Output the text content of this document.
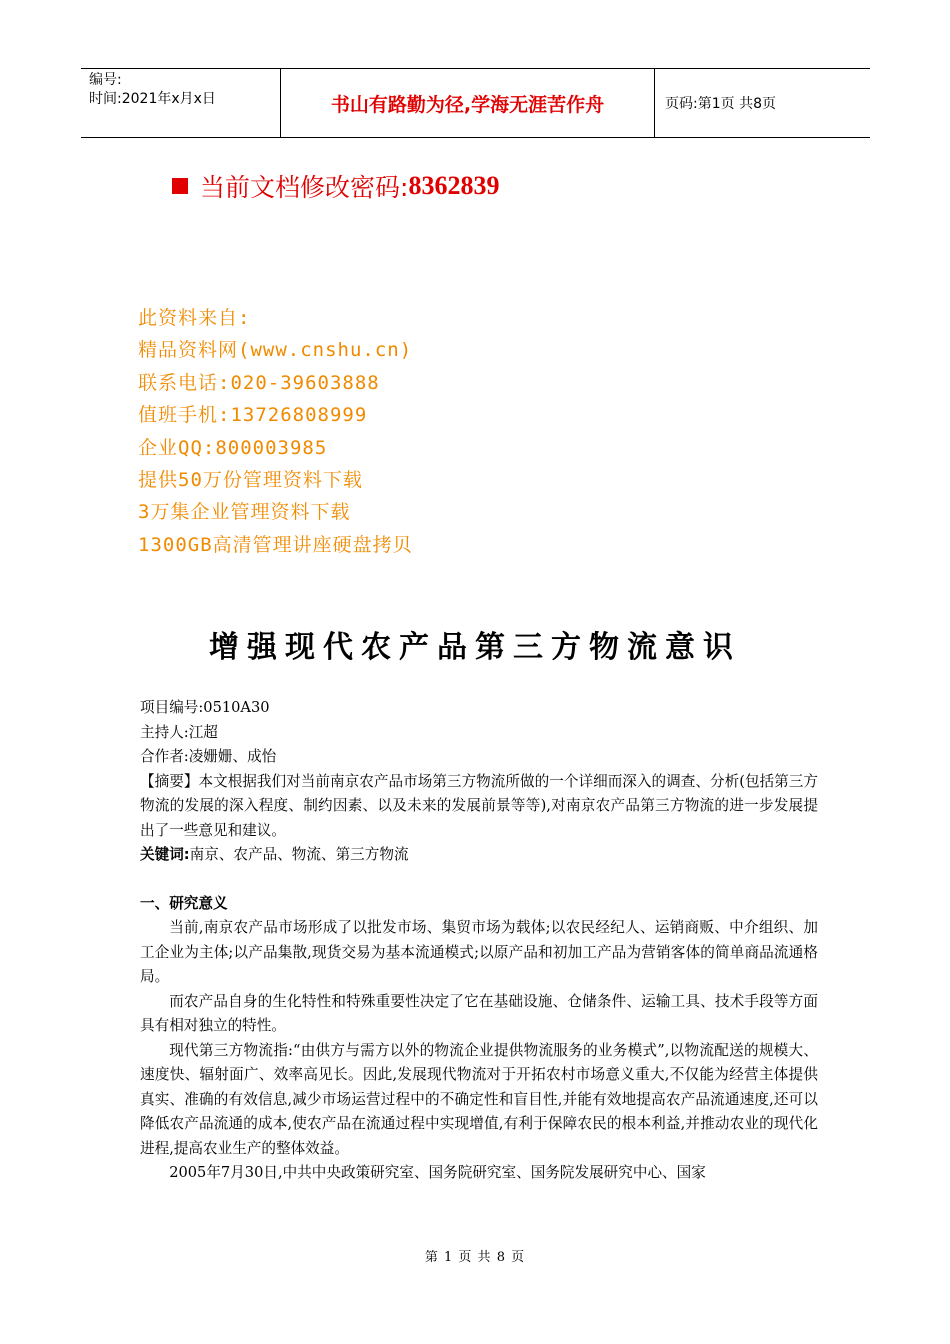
编号:
时间:2021年x月x日	书山有路勤为径,学海无涯苦作舟	页码:第1页 共8页
当前文档修改密码: 8362839
此资料来自:
精品资料网(www.cnshu.cn)
联系电话:020-39603888
值班手机:13726808999
企业QQ:800003985
提供50万份管理资料下载
3万集企业管理资料下载
1300GB高清管理讲座硬盘拷贝
增强现代农产品第三方物流意识

项目编号:0510A30

主持人:江超

合作者:凌姗姗、成怡

【摘要】本文根据我们对当前南京农产品市场第三方物流所做的一个详细而深入的调查、分析(包括第三方物流的发展的深入程度、制约因素、以及未来的发展前景等等),对南京农产品第三方物流的进一步发展提出了一些意见和建议。

关键词:南京、农产品、物流、第三方物流

一、研究意义

当前,南京农产品市场形成了以批发市场、集贸市场为载体;以农民经纪人、运销商贩、中介组织、加工企业为主体;以产品集散,现货交易为基本流通模式;以原产品和初加工产品为营销客体的简单商品流通格局。

而农产品自身的生化特性和特殊重要性决定了它在基础设施、仓储条件、运输工具、技术手段等方面具有相对独立的特性。

现代第三方物流指:“由供方与需方以外的物流企业提供物流服务的业务模式”,以物流配送的规模大、速度快、辐射面广、效率高见长。因此,发展现代物流对于开拓农村市场意义重大,不仅能为经营主体提供真实、准确的有效信息,减少市场运营过程中的不确定性和盲目性,并能有效地提高农产品流通速度,还可以降低农产品流通的成本,使农产品在流通过程中实现增值,有利于保障农民的根本利益,并推动农业的现代化进程,提高农业生产的整体效益。

2005年7月30日,中共中央政策研究室、国务院研究室、国务院发展研究中心、国家

第 1 页 共 8 页
